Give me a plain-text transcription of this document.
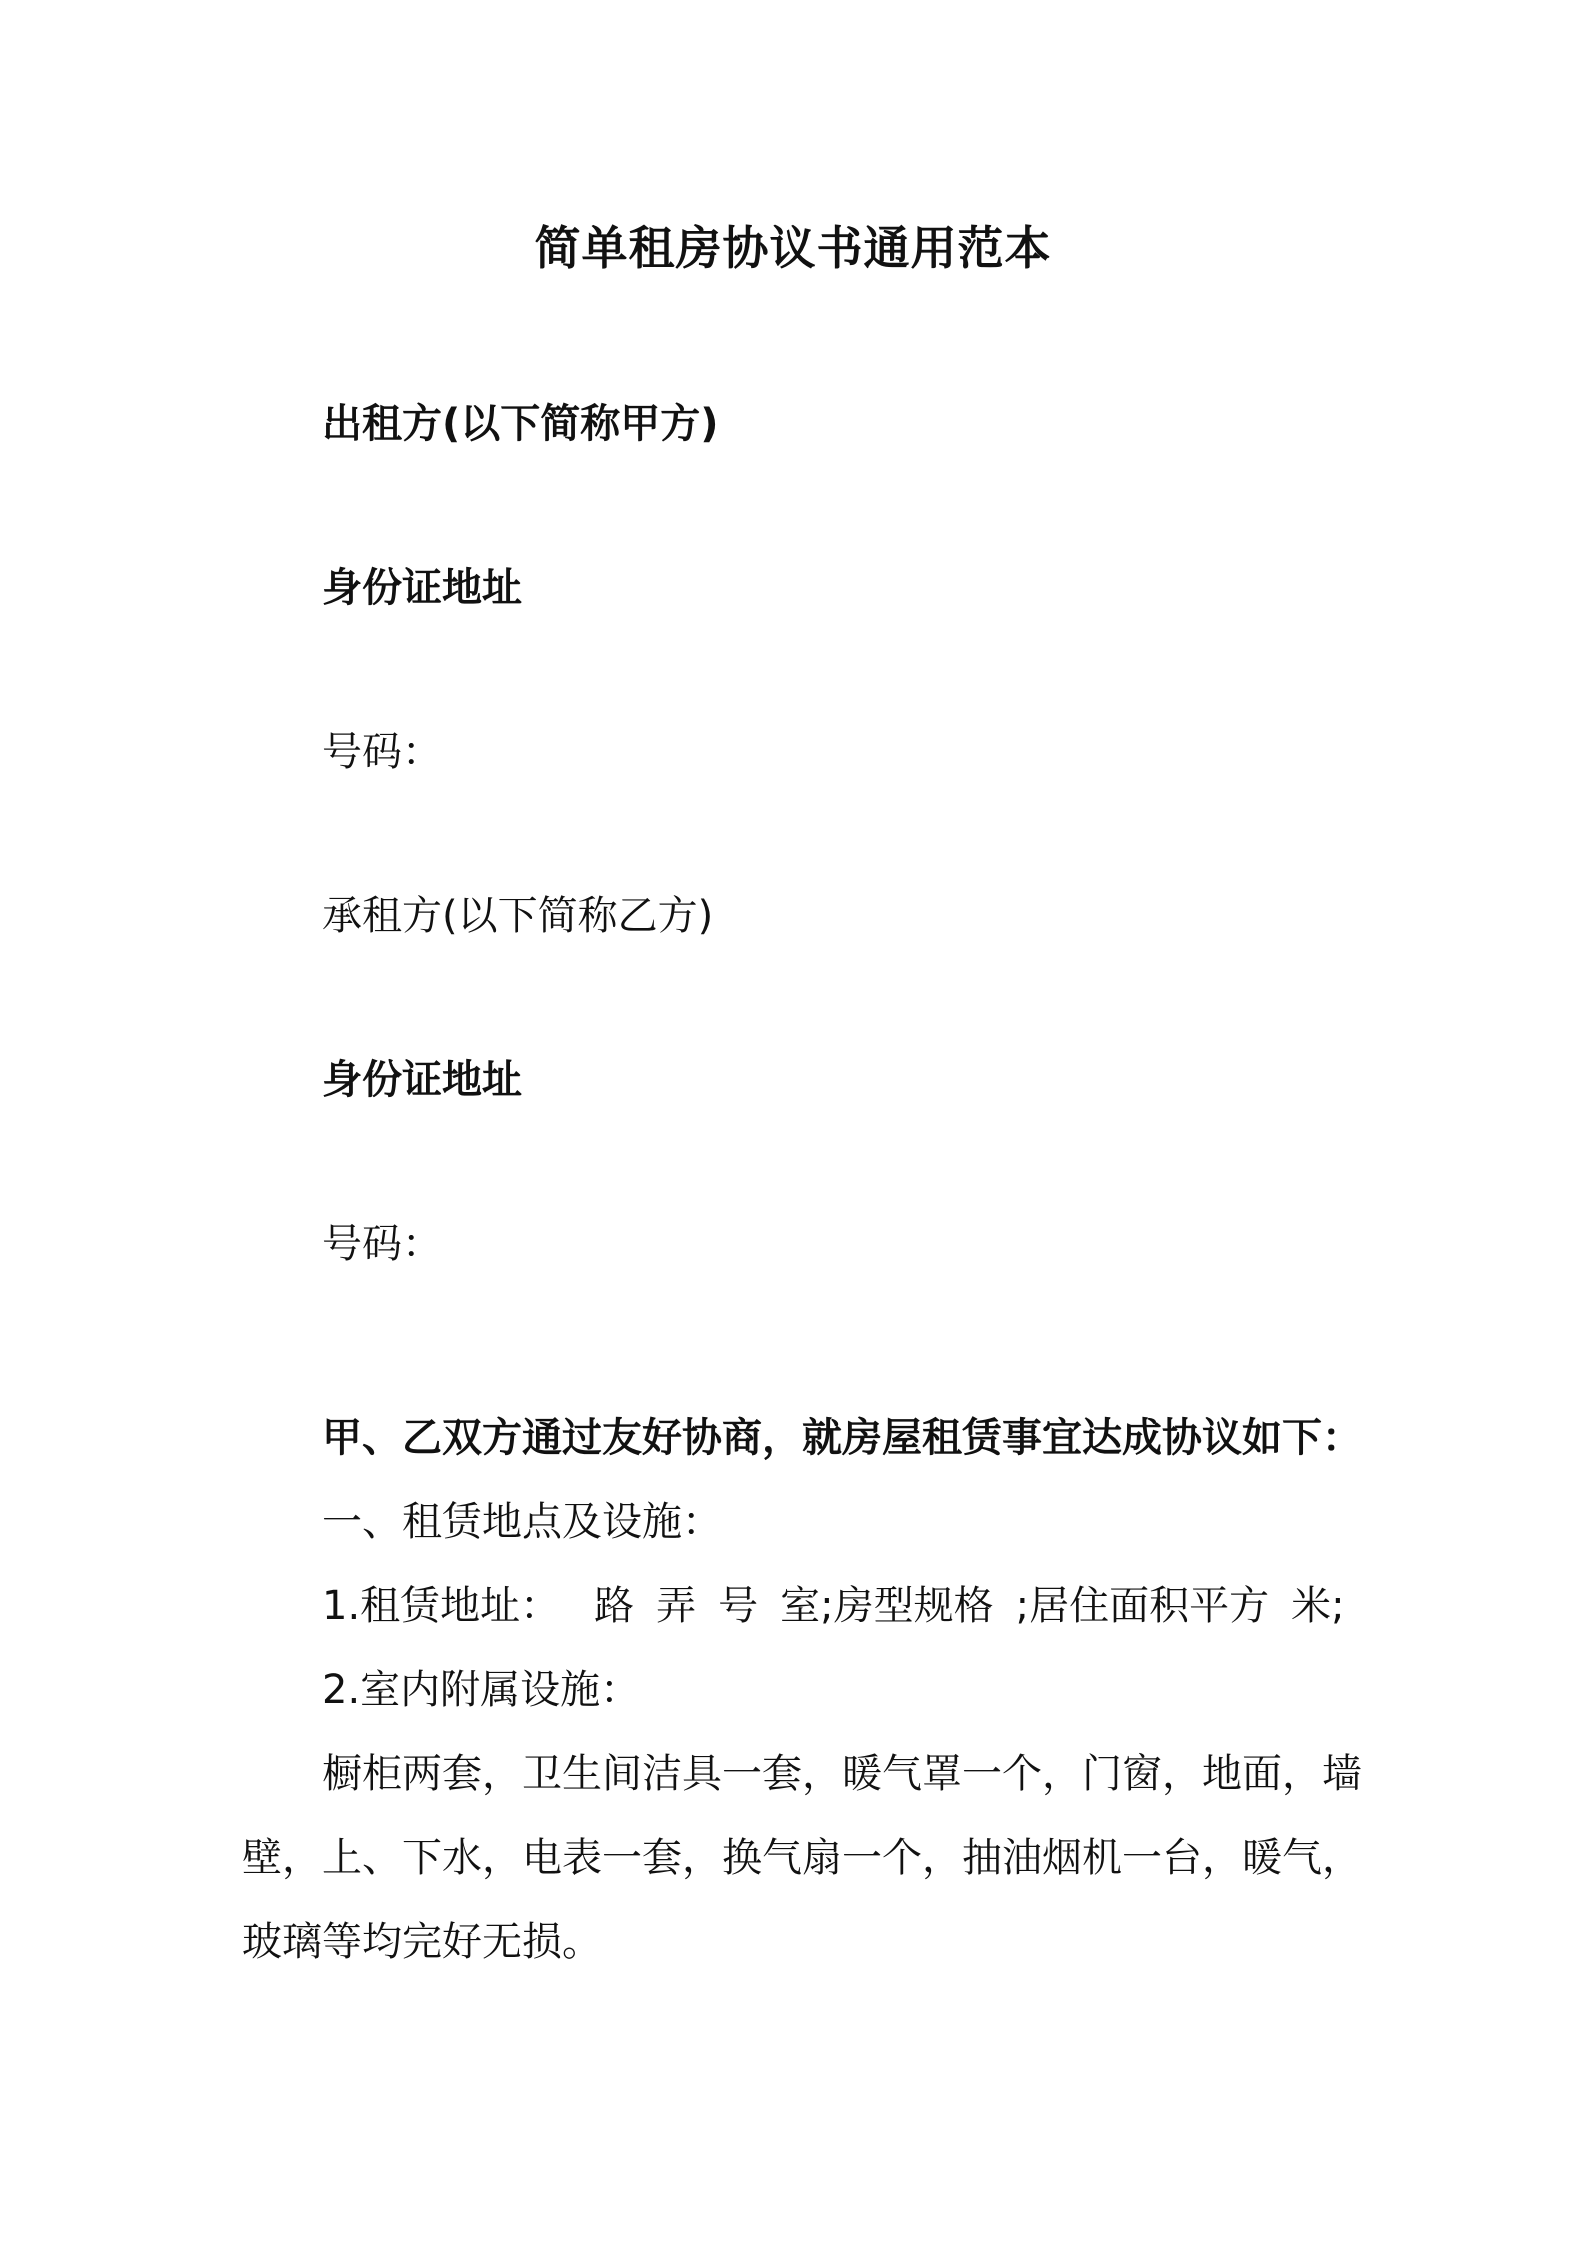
简单租房协议书通用范本

出租方(以下简称甲方)

身份证地址

号码：

承租方(以下简称乙方)

身份证地址

号码：

甲、乙双方通过友好协商，就房屋租赁事宜达成协议如下：

一、租赁地点及设施：

1.租赁地址： 路 弄 号 室;房型规格 ;居住面积平方 米;

2.室内附属设施：

橱柜两套，卫生间洁具一套，暖气罩一个，门窗，地面，墙

壁，上、下水，电表一套，换气扇一个，抽油烟机一台，暖气，

玻璃等均完好无损。
